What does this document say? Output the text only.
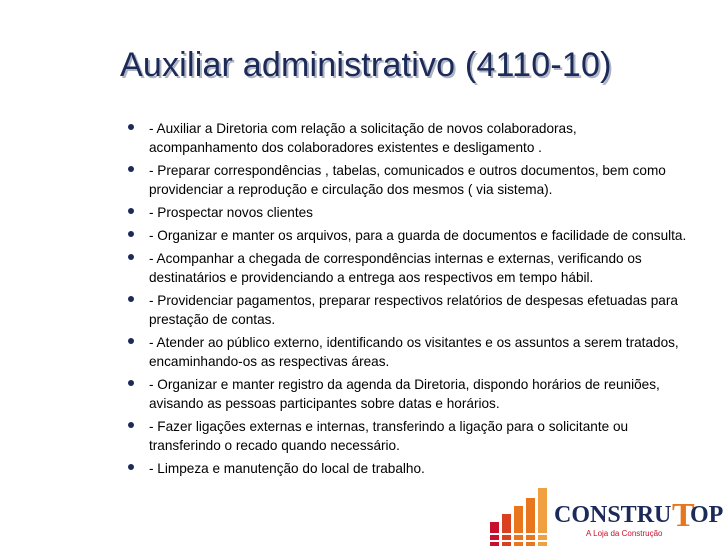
Auxiliar administrativo (4110-10)
- Auxiliar a Diretoria com relação a solicitação de novos colaboradoras, acompanhamento dos colaboradores existentes e desligamento .
- Preparar correspondências , tabelas, comunicados e outros documentos, bem como providenciar a reprodução e circulação dos mesmos ( via sistema).
- Prospectar novos clientes
- Organizar e manter os arquivos, para a guarda de documentos e facilidade de consulta.
- Acompanhar a chegada de correspondências internas e externas, verificando os destinatários e providenciando a entrega aos respectivos em tempo hábil.
- Providenciar pagamentos, preparar respectivos relatórios de despesas efetuadas para prestação de contas.
- Atender ao público externo, identificando os visitantes e os assuntos a serem tratados, encaminhando-os as respectivas áreas.
- Organizar e manter registro da agenda da Diretoria, dispondo horários de reuniões, avisando as pessoas participantes sobre datas e horários.
- Fazer ligações externas e internas, transferindo a ligação para o solicitante ou transferindo o recado quando necessário.
- Limpeza e manutenção do local de trabalho.
CONSTRU T
OP
A Loja da Construção
